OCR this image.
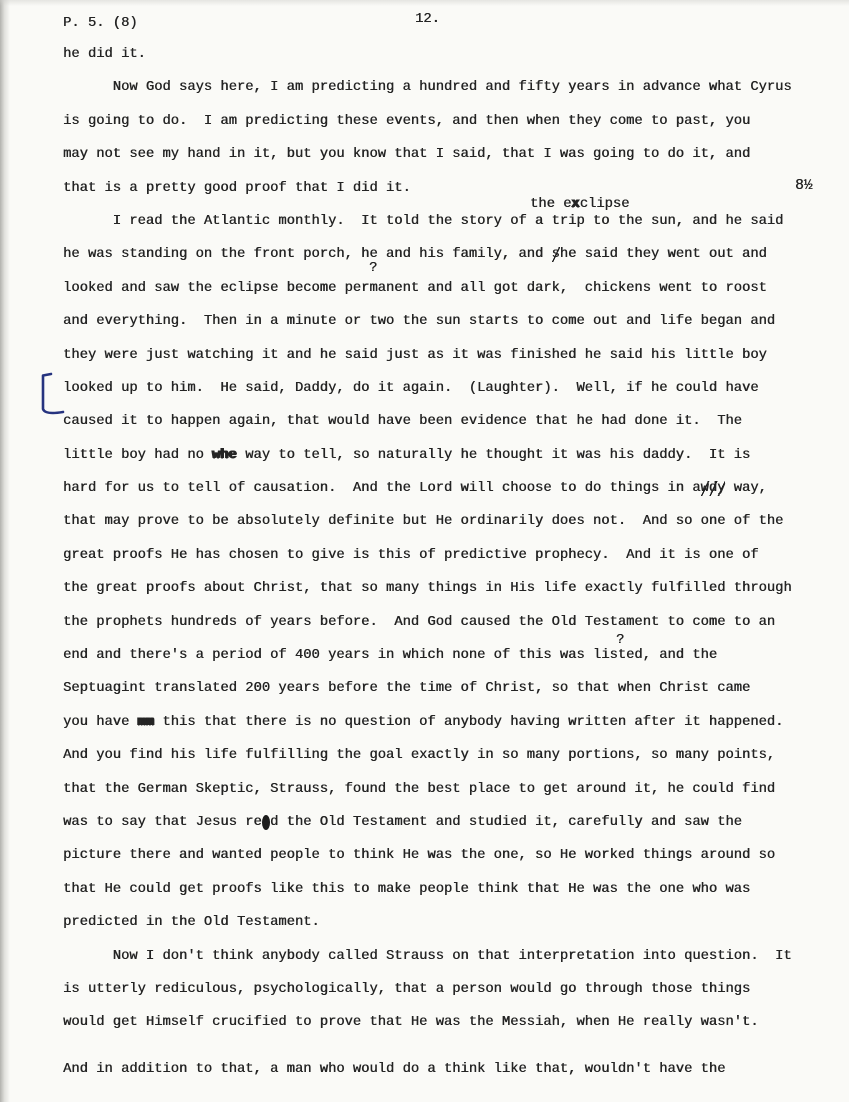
P. 5. (8)	12.
8½
the exclipse
?
?
he did it.
Now God says here, I am predicting a hundred and fifty years in advance what Cyrus
is going to do.  I am predicting these events, and then when they come to past, you
may not see my hand in it, but you know that I said, that I was going to do it, and
that is a pretty good proof that I did it.
I read the Atlantic monthly.  It told the story of a trip to the sun, and he said
he was standing on the front porch, he and his family, and she said they went out and
looked and saw the eclipse become permanent and all got dark,  chickens went to roost
and everything.  Then in a minute or two the sun starts to come out and life began and
they were just watching it and he said just as it was finished he said his little boy
looked up to him.  He said, Daddy, do it again.  (Laughter).  Well, if he could have
caused it to happen again, that would have been evidence that he had done it.  The
little boy had no whe way to tell, so naturally he thought it was his daddy.  It is
hard for us to tell of causation.  And the Lord will choose to do things in awdy way,
that may prove to be absolutely definite but He ordinarily does not.  And so one of the
great proofs He has chosen to give is this of predictive prophecy.  And it is one of
the great proofs about Christ, that so many things in His life exactly fulfilled through
the prophets hundreds of years before.  And God caused the Old Testament to come to an
end and there's a period of 400 years in which none of this was listed, and the
Septuagint translated 200 years before the time of Christ, so that when Christ came
you have mm this that there is no question of anybody having written after it happened.
And you find his life fulfilling the goal exactly in so many portions, so many points,
that the German Skeptic, Strauss, found the best place to get around it, he could find
was to say that Jesus read the Old Testament and studied it, carefully and saw the
picture there and wanted people to think He was the one, so He worked things around so
that He could get proofs like this to make people think that He was the one who was
predicted in the Old Testament.
Now I don't think anybody called Strauss on that interpretation into question.  It
is utterly rediculous, psychologically, that a person would go through those things
would get Himself crucified to prove that He was the Messiah, when He really wasn't.
And in addition to that, a man who would do a think like that, wouldn't have the
